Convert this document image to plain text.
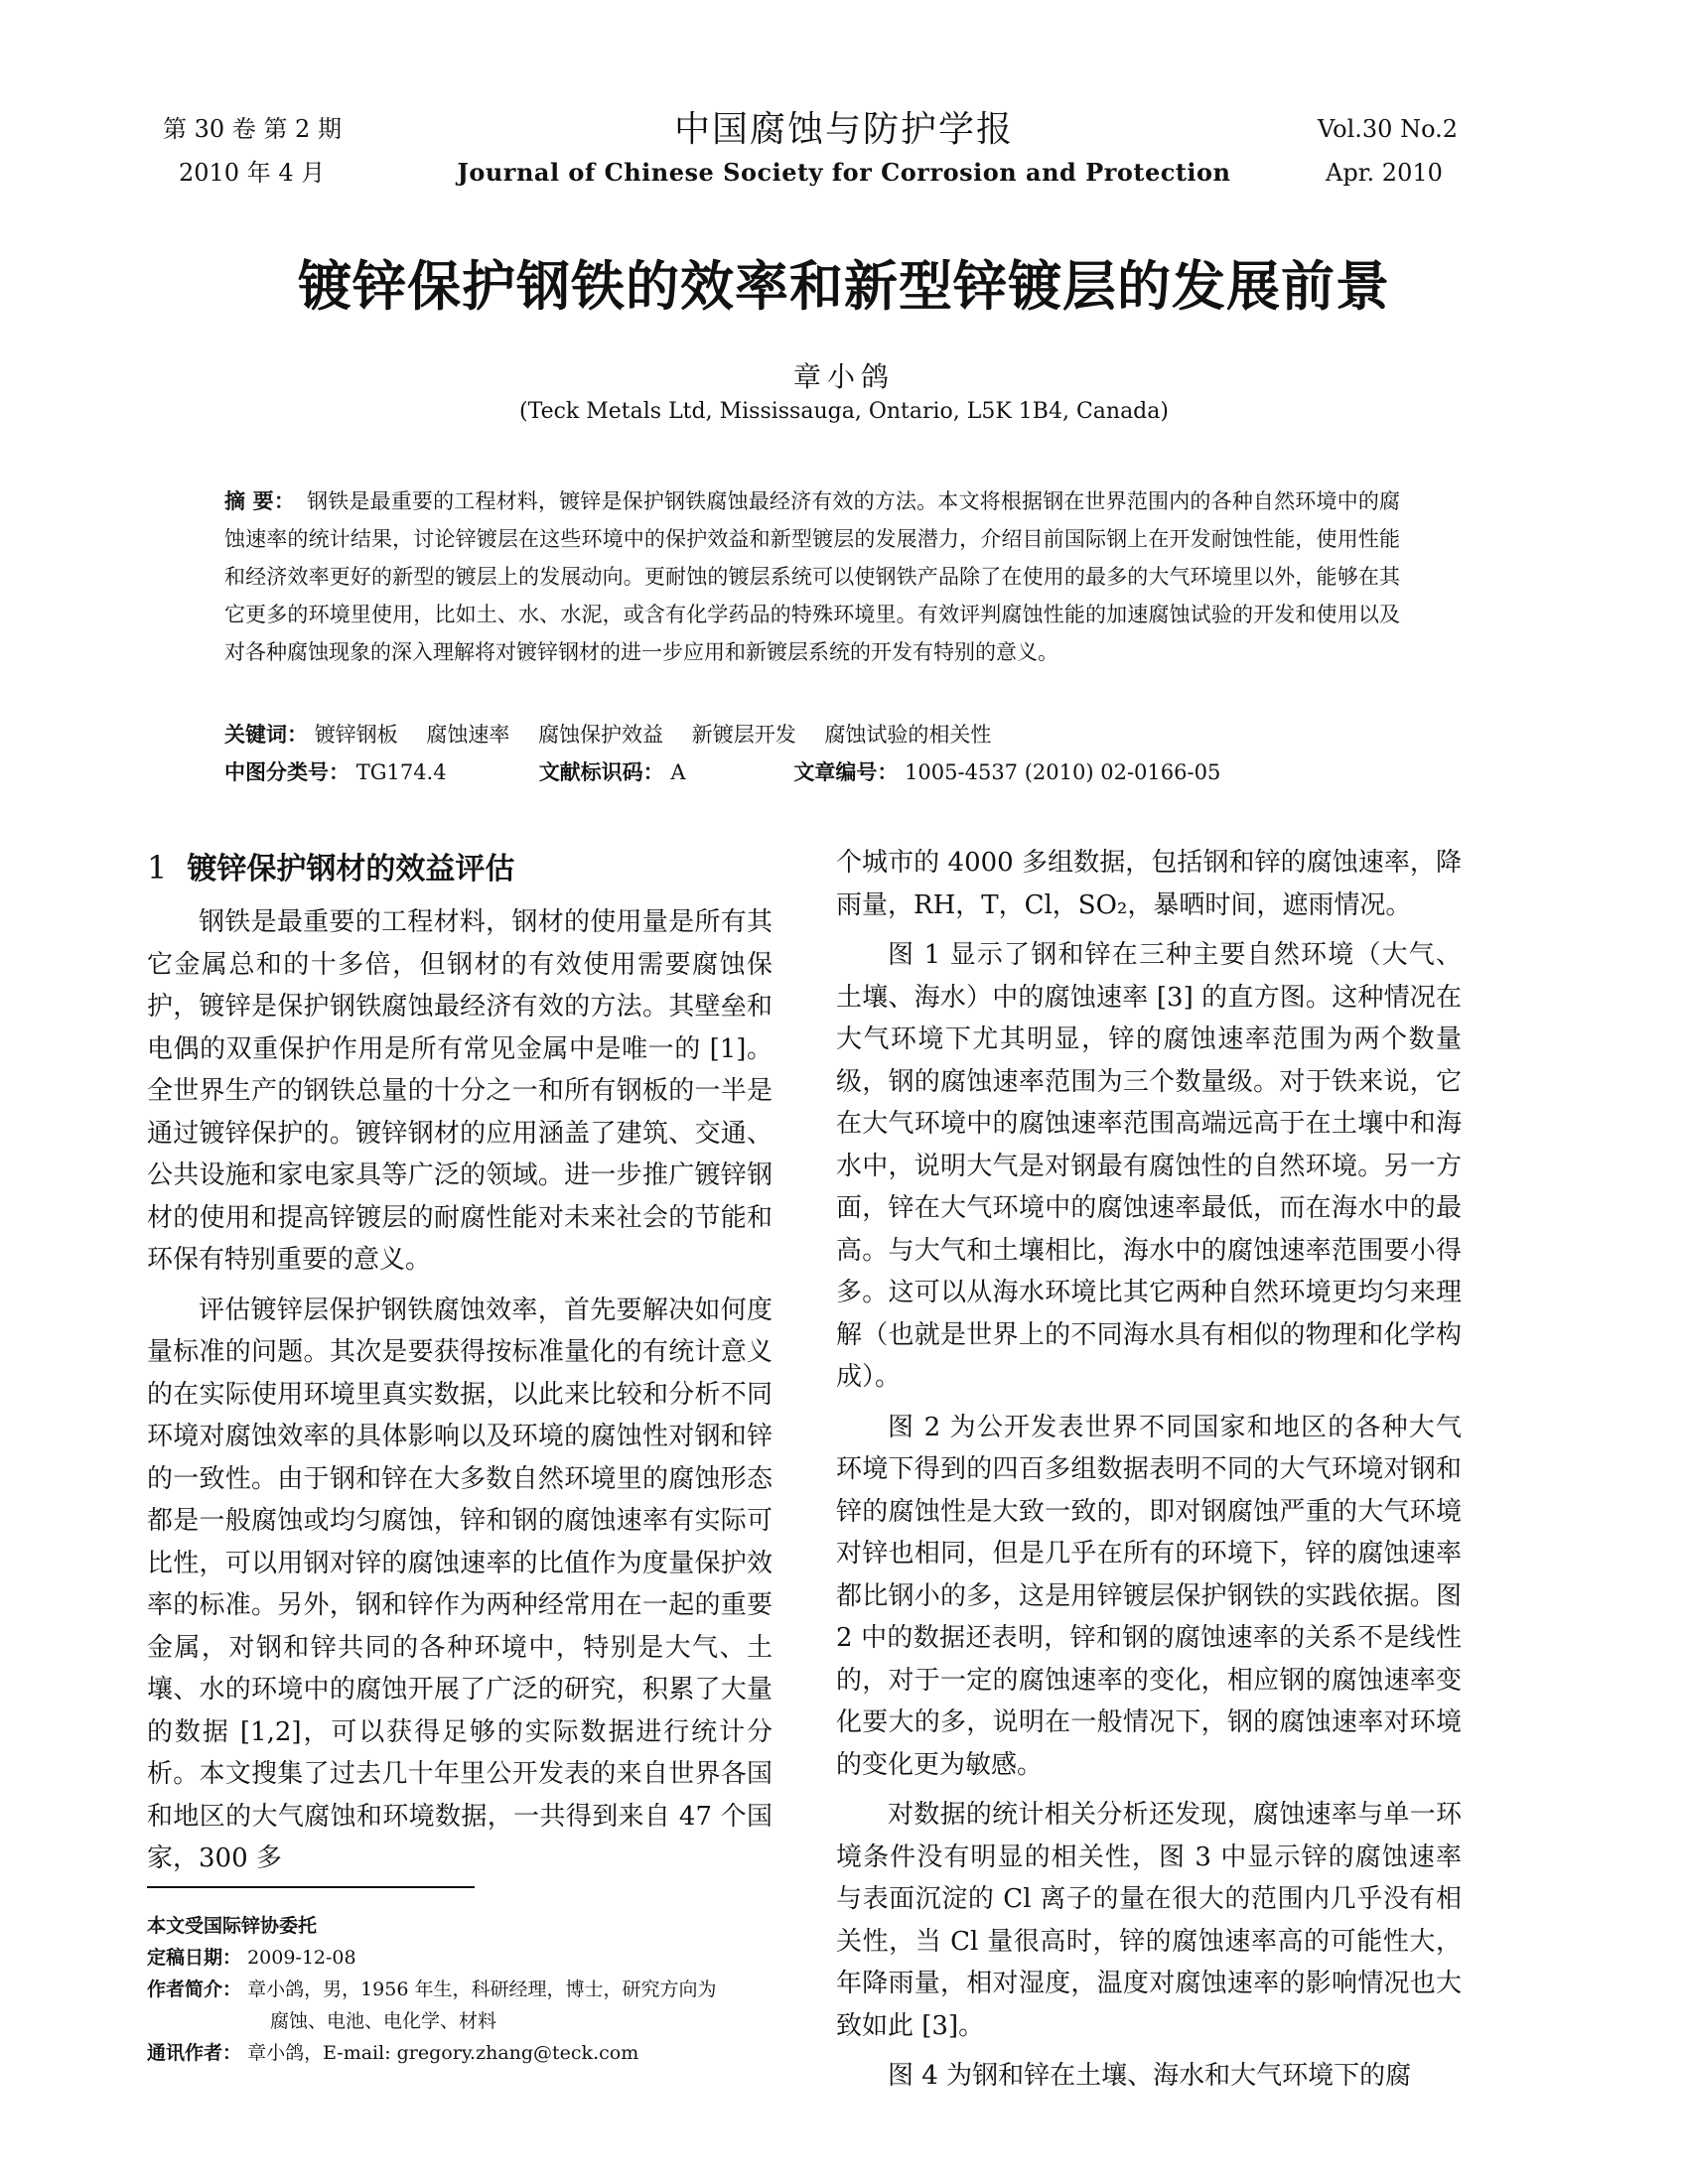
第 30 卷 第 2 期
2010 年 4 月
中国腐蚀与防护学报
Journal of Chinese Society for Corrosion and Protection
Vol.30 No.2
Apr. 2010
镀锌保护钢铁的效率和新型锌镀层的发展前景
章小鸽
(Teck Metals Ltd, Mississauga, Ontario, L5K 1B4, Canada)
摘 要： 钢铁是最重要的工程材料，镀锌是保护钢铁腐蚀最经济有效的方法。本文将根据钢在世界范围内的各种自然环境中的腐蚀速率的统计结果，讨论锌镀层在这些环境中的保护效益和新型镀层的发展潜力，介绍目前国际钢上在开发耐蚀性能，使用性能和经济效率更好的新型的镀层上的发展动向。更耐蚀的镀层系统可以使钢铁产品除了在使用的最多的大气环境里以外，能够在其它更多的环境里使用，比如土、水、水泥，或含有化学药品的特殊环境里。有效评判腐蚀性能的加速腐蚀试验的开发和使用以及对各种腐蚀现象的深入理解将对镀锌钢材的进一步应用和新镀层系统的开发有特别的意义。
关键词： 镀锌钢板 腐蚀速率 腐蚀保护效益 新镀层开发 腐蚀试验的相关性
中图分类号： TG174.4	文献标识码： A	文章编号： 1005-4537 (2010) 02-0166-05
1 镀锌保护钢材的效益评估

钢铁是最重要的工程材料，钢材的使用量是所有其它金属总和的十多倍，但钢材的有效使用需要腐蚀保护，镀锌是保护钢铁腐蚀最经济有效的方法。其壁垒和电偶的双重保护作用是所有常见金属中是唯一的 [1]。全世界生产的钢铁总量的十分之一和所有钢板的一半是通过镀锌保护的。镀锌钢材的应用涵盖了建筑、交通、公共设施和家电家具等广泛的领域。进一步推广镀锌钢材的使用和提高锌镀层的耐腐性能对未来社会的节能和环保有特别重要的意义。

评估镀锌层保护钢铁腐蚀效率，首先要解决如何度量标准的问题。其次是要获得按标准量化的有统计意义的在实际使用环境里真实数据，以此来比较和分析不同环境对腐蚀效率的具体影响以及环境的腐蚀性对钢和锌的一致性。由于钢和锌在大多数自然环境里的腐蚀形态都是一般腐蚀或均匀腐蚀，锌和钢的腐蚀速率有实际可比性，可以用钢对锌的腐蚀速率的比值作为度量保护效率的标准。另外，钢和锌作为两种经常用在一起的重要金属，对钢和锌共同的各种环境中，特别是大气、土壤、水的环境中的腐蚀开展了广泛的研究，积累了大量的数据 [1,2]，可以获得足够的实际数据进行统计分析。本文搜集了过去几十年里公开发表的来自世界各国和地区的大气腐蚀和环境数据，一共得到来自 47 个国家，300 多

个城市的 4000 多组数据，包括钢和锌的腐蚀速率，降雨量，RH，T，Cl，SO₂，暴晒时间，遮雨情况。

图 1 显示了钢和锌在三种主要自然环境（大气、土壤、海水）中的腐蚀速率 [3] 的直方图。这种情况在大气环境下尤其明显，锌的腐蚀速率范围为两个数量级，钢的腐蚀速率范围为三个数量级。对于铁来说，它在大气环境中的腐蚀速率范围高端远高于在土壤中和海水中，说明大气是对钢最有腐蚀性的自然环境。另一方面，锌在大气环境中的腐蚀速率最低，而在海水中的最高。与大气和土壤相比，海水中的腐蚀速率范围要小得多。这可以从海水环境比其它两种自然环境更均匀来理解（也就是世界上的不同海水具有相似的物理和化学构成）。

图 2 为公开发表世界不同国家和地区的各种大气环境下得到的四百多组数据表明不同的大气环境对钢和锌的腐蚀性是大致一致的，即对钢腐蚀严重的大气环境对锌也相同，但是几乎在所有的环境下，锌的腐蚀速率都比钢小的多，这是用锌镀层保护钢铁的实践依据。图 2 中的数据还表明，锌和钢的腐蚀速率的关系不是线性的，对于一定的腐蚀速率的变化，相应钢的腐蚀速率变化要大的多，说明在一般情况下，钢的腐蚀速率对环境的变化更为敏感。

对数据的统计相关分析还发现，腐蚀速率与单一环境条件没有明显的相关性，图 3 中显示锌的腐蚀速率与表面沉淀的 Cl 离子的量在很大的范围内几乎没有相关性，当 Cl 量很高时，锌的腐蚀速率高的可能性大，年降雨量，相对湿度，温度对腐蚀速率的影响情况也大致如此 [3]。

图 4 为钢和锌在土壤、海水和大气环境下的腐

本文受国际锌协委托
定稿日期： 2009-12-08
作者简介： 章小鸽，男，1956 年生，科研经理，博士，研究方向为
腐蚀、电池、电化学、材料
通讯作者： 章小鸽，E-mail: gregory.zhang@teck.com
